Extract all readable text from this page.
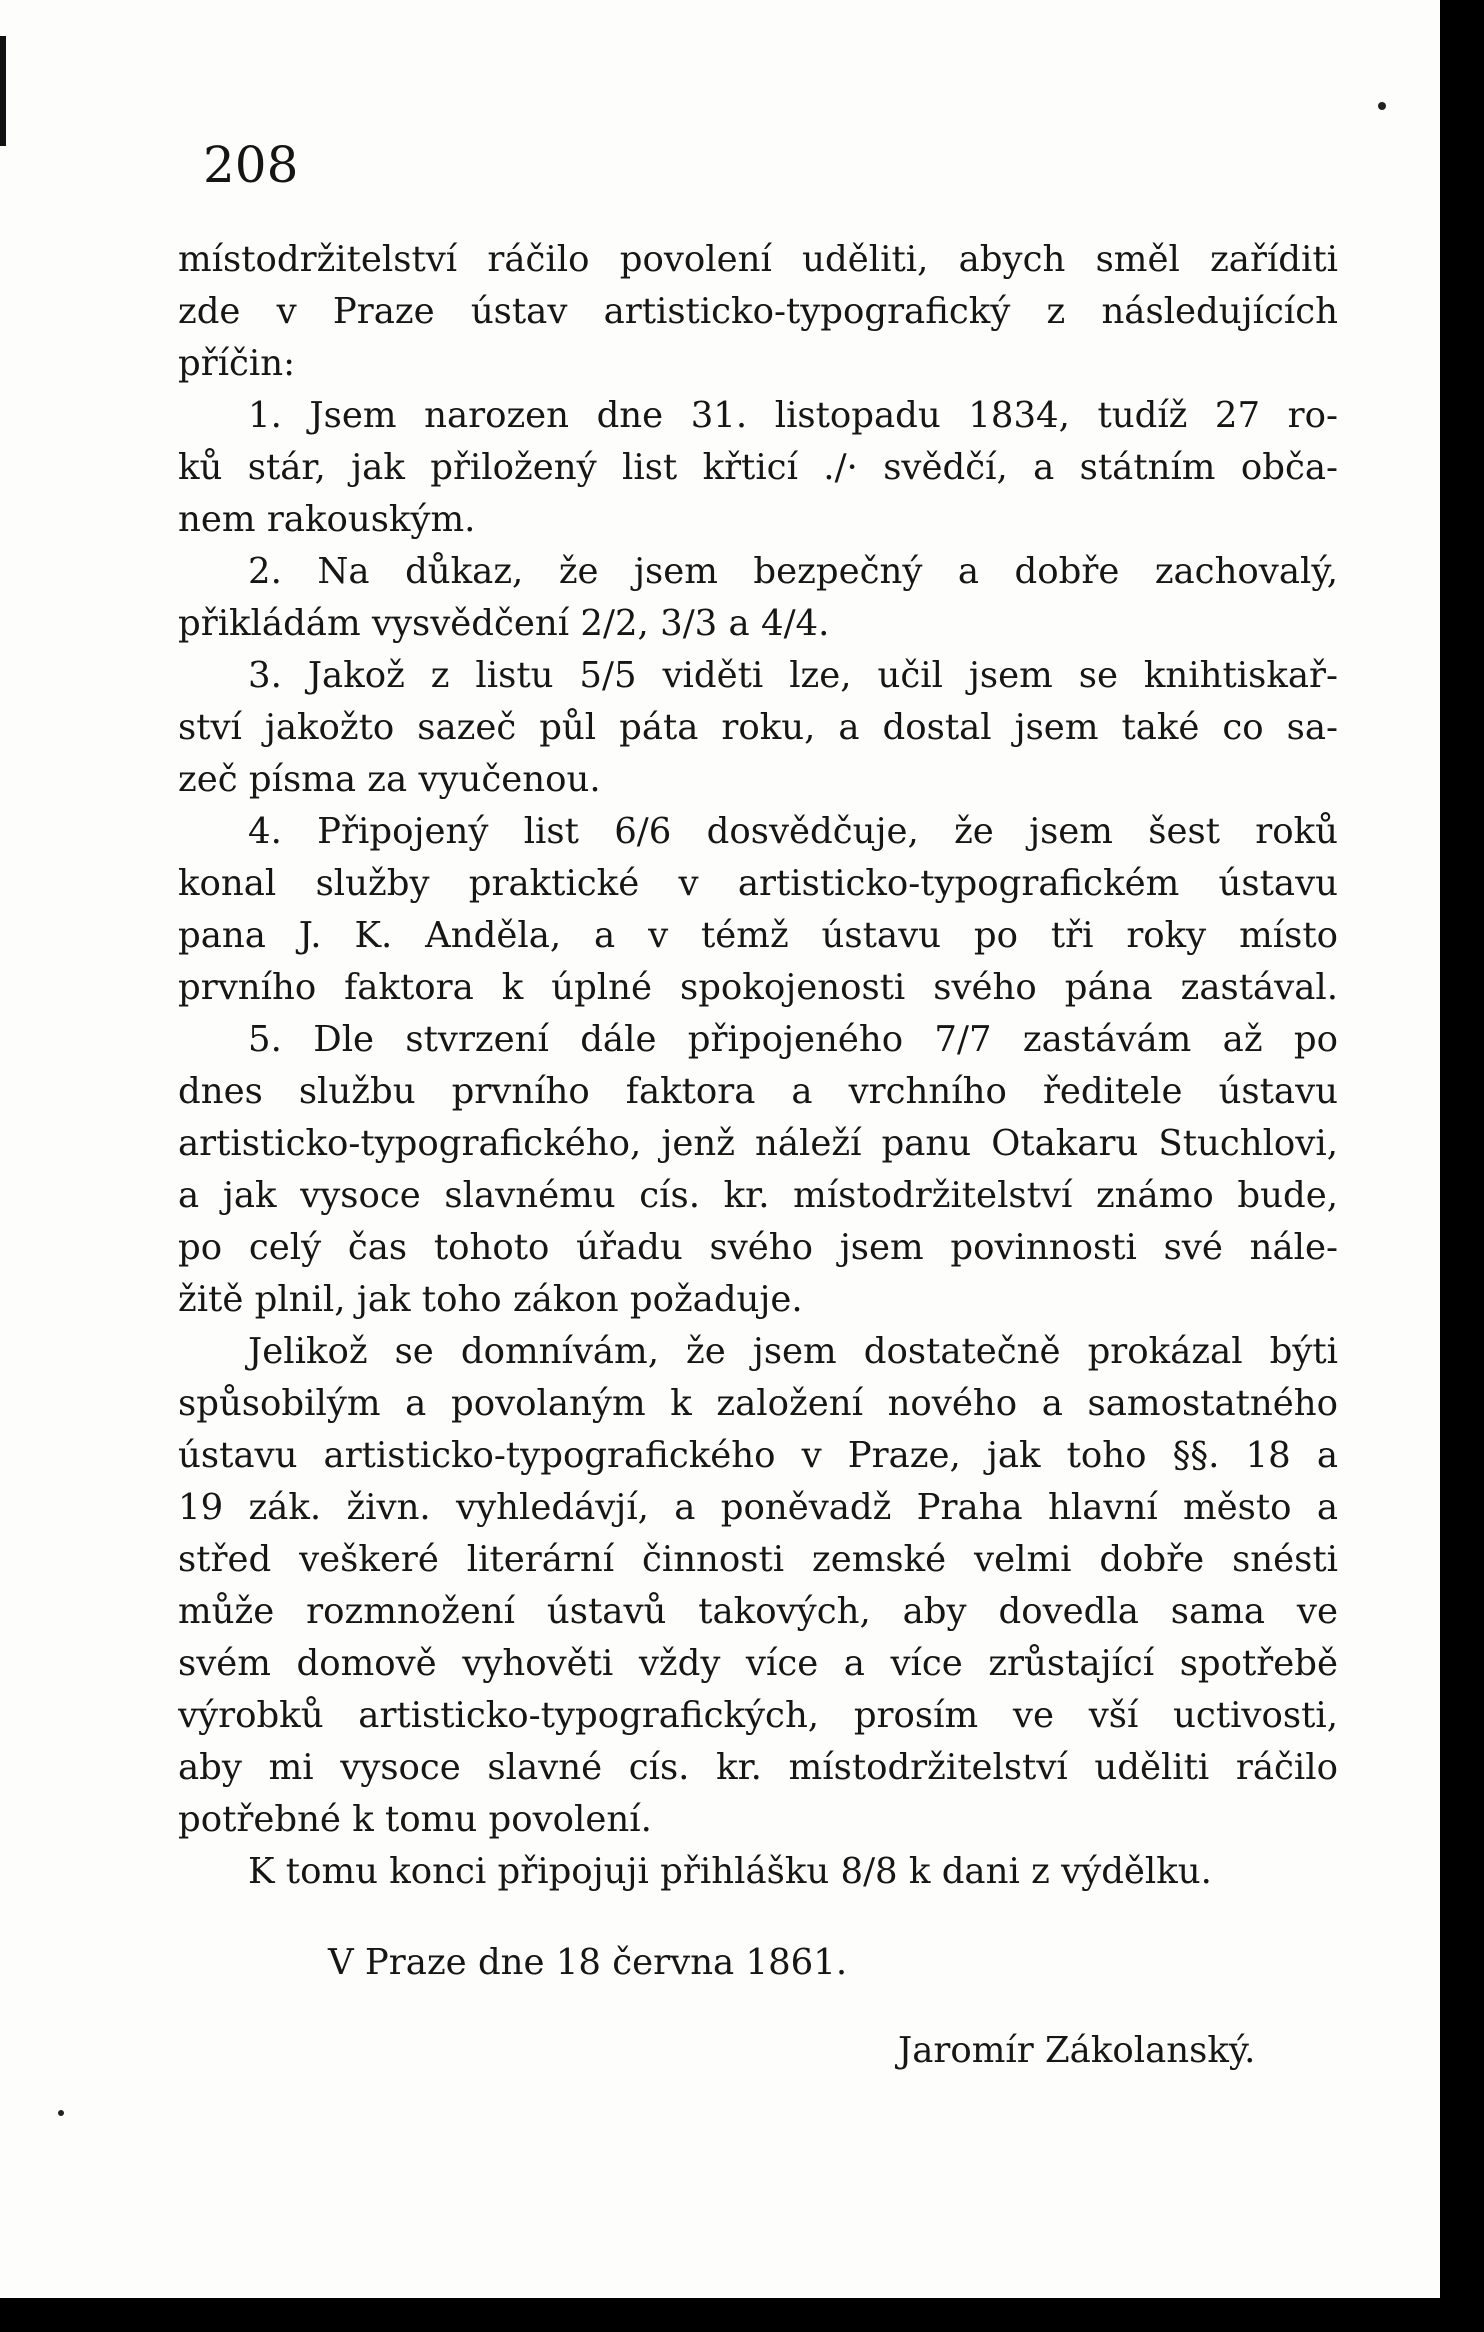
208
místodržitelství ráčilo povolení uděliti, abych směl zaříditi
zde v Praze ústav artisticko-typografický z následujících
příčin:
1. Jsem narozen dne 31. listopadu 1834, tudíž 27 ro-
ků stár, jak přiložený list křticí ./· svědčí, a státním obča-
nem rakouským.
2. Na důkaz, že jsem bezpečný a dobře zachovalý,
přikládám vysvědčení 2/2, 3/3 a 4/4.
3. Jakož z listu 5/5 viděti lze, učil jsem se knihtiskař-
ství jakožto sazeč půl páta roku, a dostal jsem také co sa-
zeč písma za vyučenou.
4. Připojený list 6/6 dosvědčuje, že jsem šest roků
konal služby praktické v artisticko-typografickém ústavu
pana J. K. Anděla, a v témž ústavu po tři roky místo
prvního faktora k úplné spokojenosti svého pána zastával.
5. Dle stvrzení dále připojeného 7/7 zastávám až po
dnes službu prvního faktora a vrchního ředitele ústavu
artisticko-typografického, jenž náleží panu Otakaru Stuchlovi,
a jak vysoce slavnému cís. kr. místodržitelství známo bude,
po celý čas tohoto úřadu svého jsem povinnosti své nále-
žitě plnil, jak toho zákon požaduje.
Jelikož se domnívám, že jsem dostatečně prokázal býti
spůsobilým a povolaným k založení nového a samostatného
ústavu artisticko-typografického v Praze, jak toho §§. 18 a
19 zák. živn. vyhledávjí, a poněvadž Praha hlavní město a
střed veškeré literární činnosti zemské velmi dobře snésti
může rozmnožení ústavů takových, aby dovedla sama ve
svém domově vyhověti vždy více a více zrůstající spotřebě
výrobků artisticko-typografických, prosím ve vší uctivosti,
aby mi vysoce slavné cís. kr. místodržitelství uděliti ráčilo
potřebné k tomu povolení.
K tomu konci připojuji přihlášku 8/8 k dani z výdělku.
V Praze dne 18 června 1861.
Jaromír Zákolanský.
